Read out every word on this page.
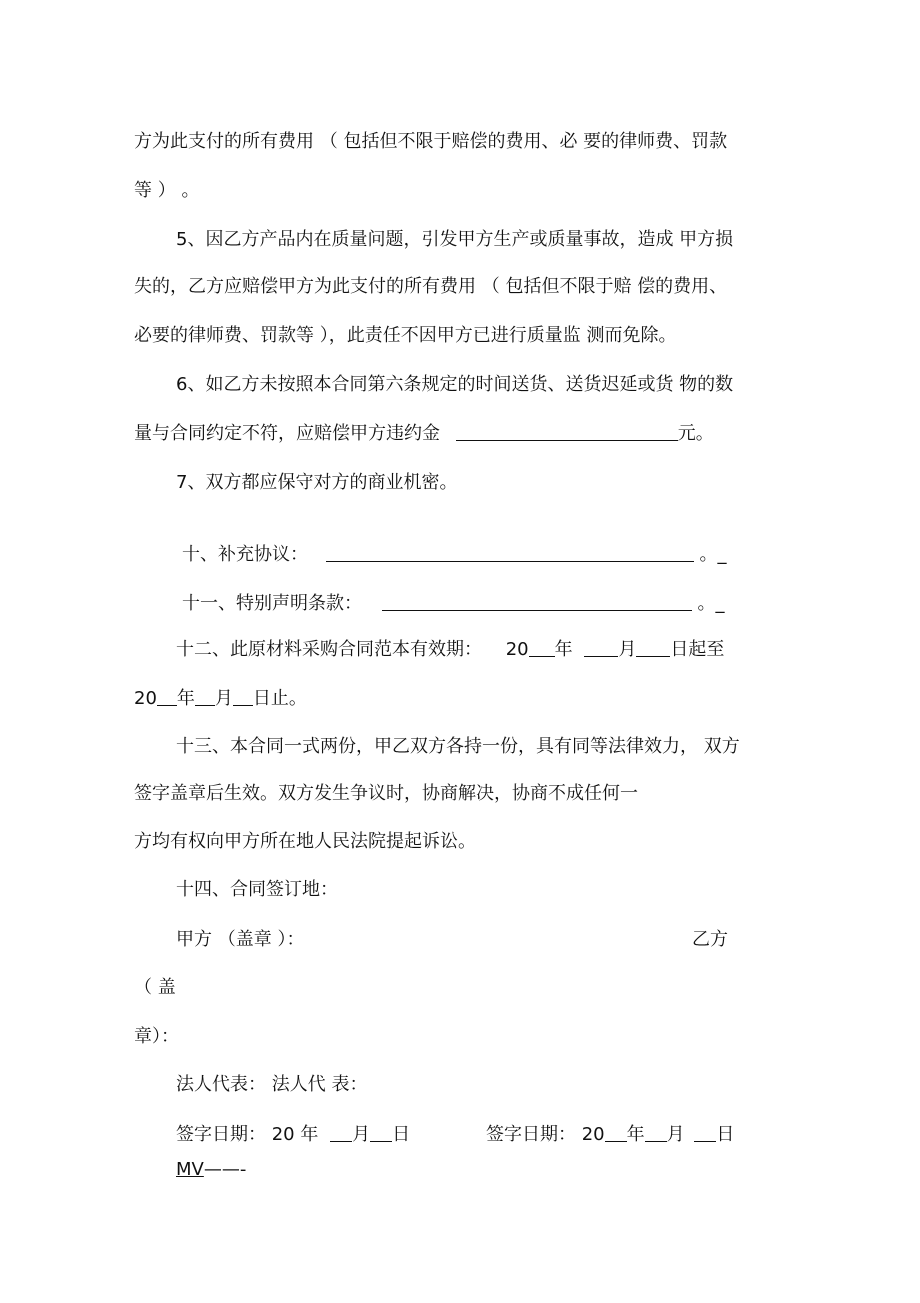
方为此支付的所有费用 （ 包括但不限于赔偿的费用、必 要的律师费、罚款
等 ） 。
5、因乙方产品内在质量问题，引发甲方生产或质量事故，造成 甲方损
失的，乙方应赔偿甲方为此支付的所有费用 （ 包括但不限于赔 偿的费用、
必要的律师费、罚款等 ），此责任不因甲方已进行质量监 测而免除。
6、如乙方未按照本合同第六条规定的时间送货、送货迟延或货 物的数
量与合同约定不符，应赔偿甲方违约金	元。
7、双方都应保守对方的商业机密。
十、补充协议：	。_
十一、特别声明条款：	。_
十二、此原材料采购合同范本有效期： 20 年	月 日起至
20 年 月 日止。
十三、本合同一式两份，甲乙双方各持一份，具有同等法律效力， 双方
签字盖章后生效。双方发生争议时，协商解决，协商不成任何一
方均有权向甲方所在地人民法院提起诉讼。
十四、合同签订地：
甲方 （盖章 ）：	乙方
（ 盖
章）：
法人代表： 法人代 表：
签字日期： 20 年 月 日	签字日期： 20 年 月 日
MV——-
